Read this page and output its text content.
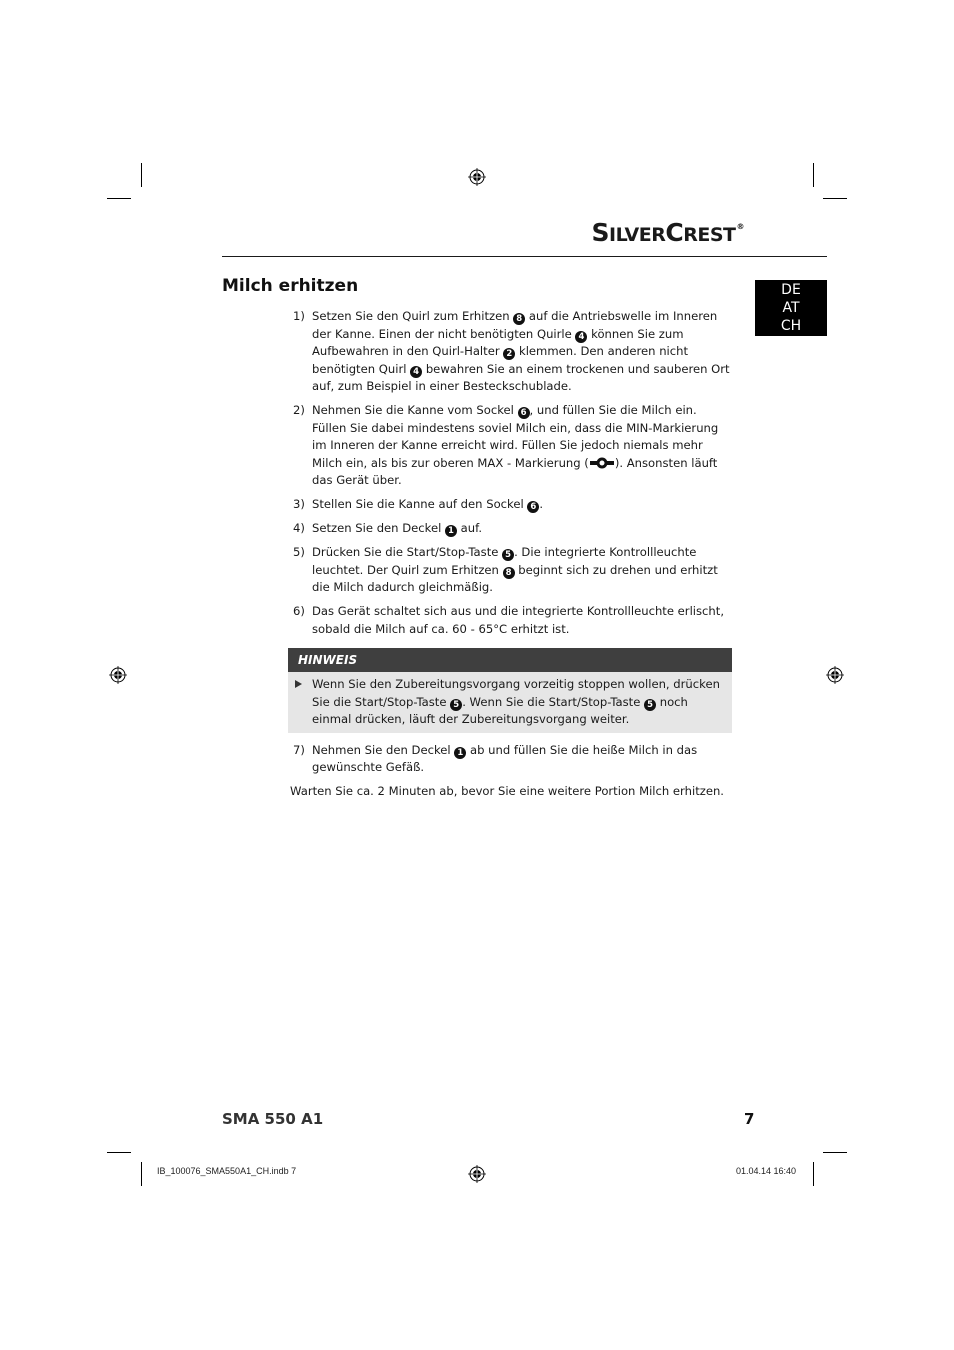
SILVERCREST®
DE
AT
CH
Milch erhitzen
1) Setzen Sie den Quirl zum Erhitzen 8 auf die Antriebswelle im Inneren der Kanne. Einen der nicht benötigten Quirle 4 können Sie zum Aufbewahren in den Quirl-Halter 2 klemmen. Den anderen nicht benötigten Quirl 4 bewahren Sie an einem trockenen und sauberen Ort auf, zum Beispiel in einer Besteckschublade.
2) Nehmen Sie die Kanne vom Sockel 6 , und füllen Sie die Milch ein. Füllen Sie dabei mindestens soviel Milch ein, dass die MIN-Markierung im Inneren der Kanne erreicht wird. Füllen Sie jedoch niemals mehr Milch ein, als bis zur oberen MAX - Markierung ( ). Ansonsten läuft das Gerät über.
3) Stellen Sie die Kanne auf den Sockel 6 .
4) Setzen Sie den Deckel 1 auf.
5) Drücken Sie die Start/Stop-Taste 5 . Die integrierte Kontrollleuchte leuchtet. Der Quirl zum Erhitzen 8 beginnt sich zu drehen und erhitzt die Milch dadurch gleichmäßig.
6) Das Gerät schaltet sich aus und die integrierte Kontrollleuchte erlischt, sobald die Milch auf ca. 60 - 65°C erhitzt ist.
HINWEIS
Wenn Sie den Zubereitungsvorgang vorzeitig stoppen wollen, drücken Sie die Start/Stop-Taste 5 . Wenn Sie die Start/Stop-Taste 5 noch einmal drücken, läuft der Zubereitungsvorgang weiter.
7) Nehmen Sie den Deckel 1 ab und füllen Sie die heiße Milch in das gewünschte Gefäß.
Warten Sie ca. 2 Minuten ab, bevor Sie eine weitere Portion Milch erhitzen.
SMA 550 A1	7
IB_100076_SMA550A1_CH.indb 7	01.04.14 16:40
